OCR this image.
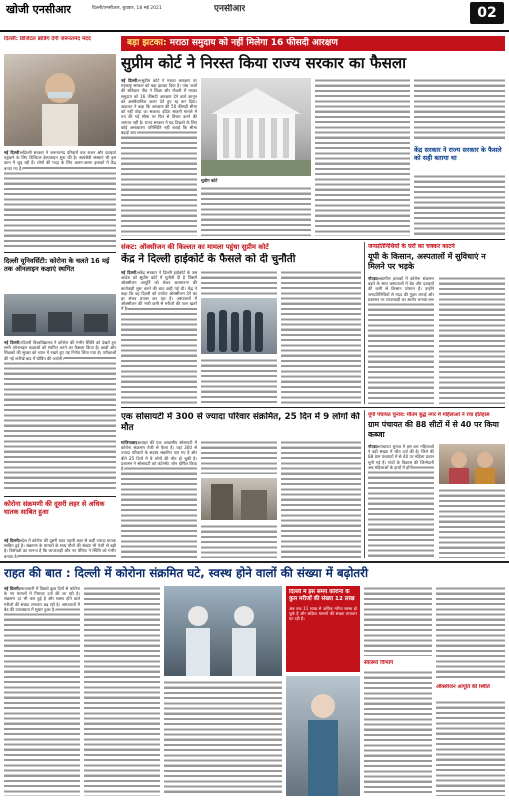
खोजी एनसीआर	दिल्ली/एनसीआर, बुधवार, 18 मई 2021	एनसीआर	02
दिल्ली: डिजिटल ब्रांडिंग देगी जरूरतमंद मदद
नई दिल्ली। दिल्ली सरकार ने जरूरतमंद परिवारों तक राशन और दवाइयां पहुंचाने के लिए डिजिटल हेल्पलाइन शुरू की है। स्वयंसेवी संस्थाएं भी इस काम में जुड़ रही हैं। लोगों की मदद के लिए अलग-अलग इलाकों में केंद्र बनाए गए हैं।
दिल्ली यूनिवर्सिटी: कोरोना के चलते 16 मई तक ऑनलाइन कक्षाएं स्थगित
नई दिल्ली। दिल्ली विश्वविद्यालय ने कोरोना की गंभीर स्थिति को देखते हुए सभी ऑनलाइन कक्षाओं को स्थगित करने का फैसला किया है। छात्रों और शिक्षकों की सुरक्षा को ध्यान में रखते हुए यह निर्णय लिया गया है। परीक्षाओं की नई तारीखें बाद में घोषित की जाएंगी।
कोरोना संक्रमणी की दूसरी लहर से अधिक घातक साबित हुआ
बड़ा झटका: मराठा समुदाय को नहीं मिलेगा 16 फीसदी आरक्षण
सुप्रीम कोर्ट ने निरस्त किया राज्य सरकार का फैसला
नई दिल्ली। सुप्रीम कोर्ट ने मराठा आरक्षण पर महाराष्ट्र सरकार को बड़ा झटका दिया है। पांच जजों की संविधान पीठ ने शिक्षा और नौकरी में मराठा समुदाय को 16 फीसदी आरक्षण देने वाले कानून को असंवैधानिक करार देते हुए रद्द कर दिया। अदालत ने कहा कि आरक्षण की 50 फीसदी सीमा को नहीं तोड़ा जा सकता। इंदिरा साहनी मामले में तय की गई सीमा पर फिर से विचार करने की जरूरत नहीं है। राज्य सरकार ने यह दिखाने के लिए कोई असाधारण परिस्थिति नहीं बताई कि सीमा बढ़ाई जाए।
सुप्रीम कोर्ट
केंद्र सरकार ने राज्य सरकार के फैसले को सही बताया था
संकट: ऑक्सीजन की किल्लत का मामला पहुंचा सुप्रीम कोर्ट
केंद्र ने दिल्ली हाईकोर्ट के फैसले को दी चुनौती
नई दिल्ली। केंद्र सरकार ने दिल्ली हाईकोर्ट के उस आदेश को सुप्रीम कोर्ट में चुनौती दी है जिसमें ऑक्सीजन आपूर्ति को लेकर अवमानना की कार्यवाही शुरू करने की बात कही गई थी। केंद्र ने कहा कि वह दिल्ली को पर्याप्त ऑक्सीजन देने का हर संभव प्रयास कर रहा है। अस्पतालों में ऑक्सीजन की भारी कमी से मरीजों की जान खतरे में है।
जनप्रतिनिधियों के घरों का चक्कर काटने
यूपी के किसान, अस्पतालों में सुविधाएं न मिलने पर भड़के
नोएडा। ग्रामीण इलाकों में कोरोना संक्रमण बढ़ने के साथ अस्पतालों में बेड और दवाइयों की कमी से किसान परेशान हैं। उन्होंने जनप्रतिनिधियों से मदद की गुहार लगाई और प्रशासन पर लापरवाही का आरोप लगाया।
एक सोसायटी में 300 से ज्यादा परिवार संक्रमित, 25 दिन में 9 लोगों की मौत
गाजियाबाद। शहर की एक आवासीय सोसायटी में कोरोना संक्रमण तेजी से फैला है। यहां 300 से ज्यादा परिवारों के सदस्य संक्रमित पाए गए हैं और बीते 25 दिनों में 9 लोगों की मौत हो चुकी है। प्रशासन ने सोसायटी को कंटेनमेंट जोन घोषित किया है।
यूपी पंचायत चुनाव: मौतम बुद्ध नगर में महिलाओं ने रचा इतिहास
ग्राम पंचायत की 88 सीटों में से 40 पर किया कब्जा
नोएडा। पंचायत चुनाव में इस बार महिलाओं ने बड़ी संख्या में जीत दर्ज की है। जिले की 88 ग्राम पंचायतों में से 40 पर महिला प्रधान चुनी गई हैं। गांवों के विकास की जिम्मेदारी अब महिलाओं के हाथों में होगी।
नई दिल्ली। देश में कोरोना की दूसरी लहर पहली लहर से कहीं ज्यादा घातक साबित हुई है। संक्रमण के मामलों के साथ मौतों की संख्या भी तेजी से बढ़ी है। विशेषज्ञों का मानना है कि लापरवाही और नए वेरिएंट ने स्थिति को गंभीर बनाया है।
राहत की बात : दिल्ली में कोरोना संक्रमित घटे, स्वस्थ होने वालों की संख्या में बढ़ोतरी
नई दिल्ली। राजधानी में पिछले कुछ दिनों से कोरोना के नए मामलों में गिरावट दर्ज की जा रही है। संक्रमण दर भी कम हुई है और स्वस्थ होने वाले मरीजों की संख्या लगातार बढ़ रही है। अस्पतालों में बेड की उपलब्धता में सुधार हुआ है।
दिल्ली में इस समय कोरोना के कुल मरीजों की संख्या 12 लाख
अब तक 11 लाख से अधिक मरीज स्वस्थ हो चुके हैं और सक्रिय मामलों की संख्या लगातार घट रही है।
स्वास्थ्य विभाग
ऑक्सीजन आपूर्ति की स्थिति
